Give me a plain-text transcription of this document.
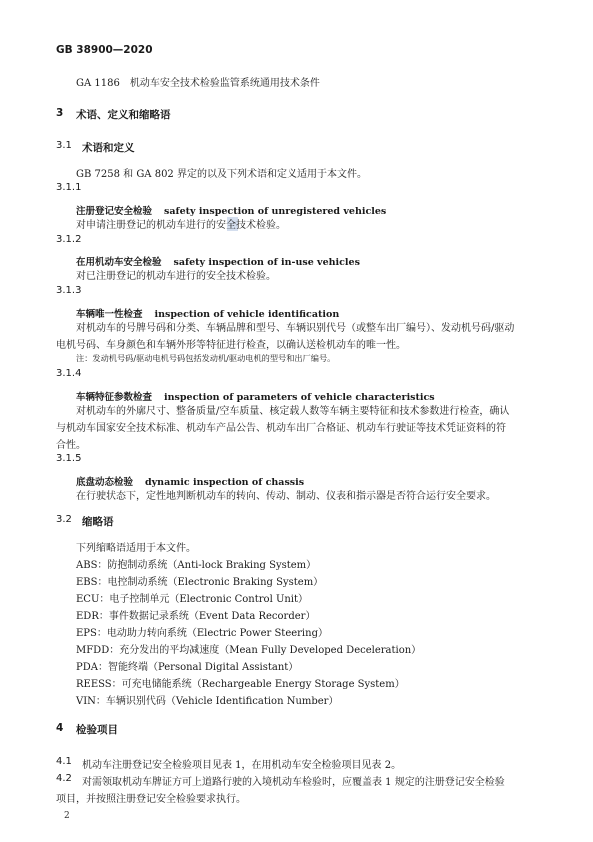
GB 38900—2020
GA 1186　机动车安全技术检验监管系统通用技术条件
3 术语、定义和缩略语
3.1 术语和定义
GB 7258 和 GA 802 界定的以及下列术语和定义适用于本文件。
3.1.1
注册登记安全检验 safety inspection of unregistered vehicles
对申请注册登记的机动车进行的安全技术检验。
3.1.2
在用机动车安全检验 safety inspection of in-use vehicles
对已注册登记的机动车进行的安全技术检验。
3.1.3
车辆唯一性检查 inspection of vehicle identification
对机动车的号牌号码和分类、车辆品牌和型号、车辆识别代号（或整车出厂编号）、发动机号码/驱动
电机号码、车身颜色和车辆外形等特征进行检查，以确认送检机动车的唯一性。
注：发动机号码/驱动电机号码包括发动机/驱动电机的型号和出厂编号。
3.1.4
车辆特征参数检查 inspection of parameters of vehicle characteristics
对机动车的外廓尺寸、整备质量/空车质量、核定载人数等车辆主要特征和技术参数进行检查，确认
与机动车国家安全技术标准、机动车产品公告、机动车出厂合格证、机动车行驶证等技术凭证资料的符
合性。
3.1.5
底盘动态检验 dynamic inspection of chassis
在行驶状态下，定性地判断机动车的转向、传动、制动、仪表和指示器是否符合运行安全要求。
3.2 缩略语
下列缩略语适用于本文件。
ABS：防抱制动系统（Anti-lock Braking System）
EBS：电控制动系统（Electronic Braking System）
ECU：电子控制单元（Electronic Control Unit）
EDR：事件数据记录系统（Event Data Recorder）
EPS：电动助力转向系统（Electric Power Steering）
MFDD：充分发出的平均减速度（Mean Fully Developed Deceleration）
PDA：智能终端（Personal Digital Assistant）
REESS：可充电储能系统（Rechargeable Energy Storage System）
VIN：车辆识别代码（Vehicle Identification Number）
4 检验项目
4.1 机动车注册登记安全检验项目见表 1，在用机动车安全检验项目见表 2。
4.2 对需领取机动车牌证方可上道路行驶的入境机动车检验时，应覆盖表 1 规定的注册登记安全检验
项目，并按照注册登记安全检验要求执行。
2
